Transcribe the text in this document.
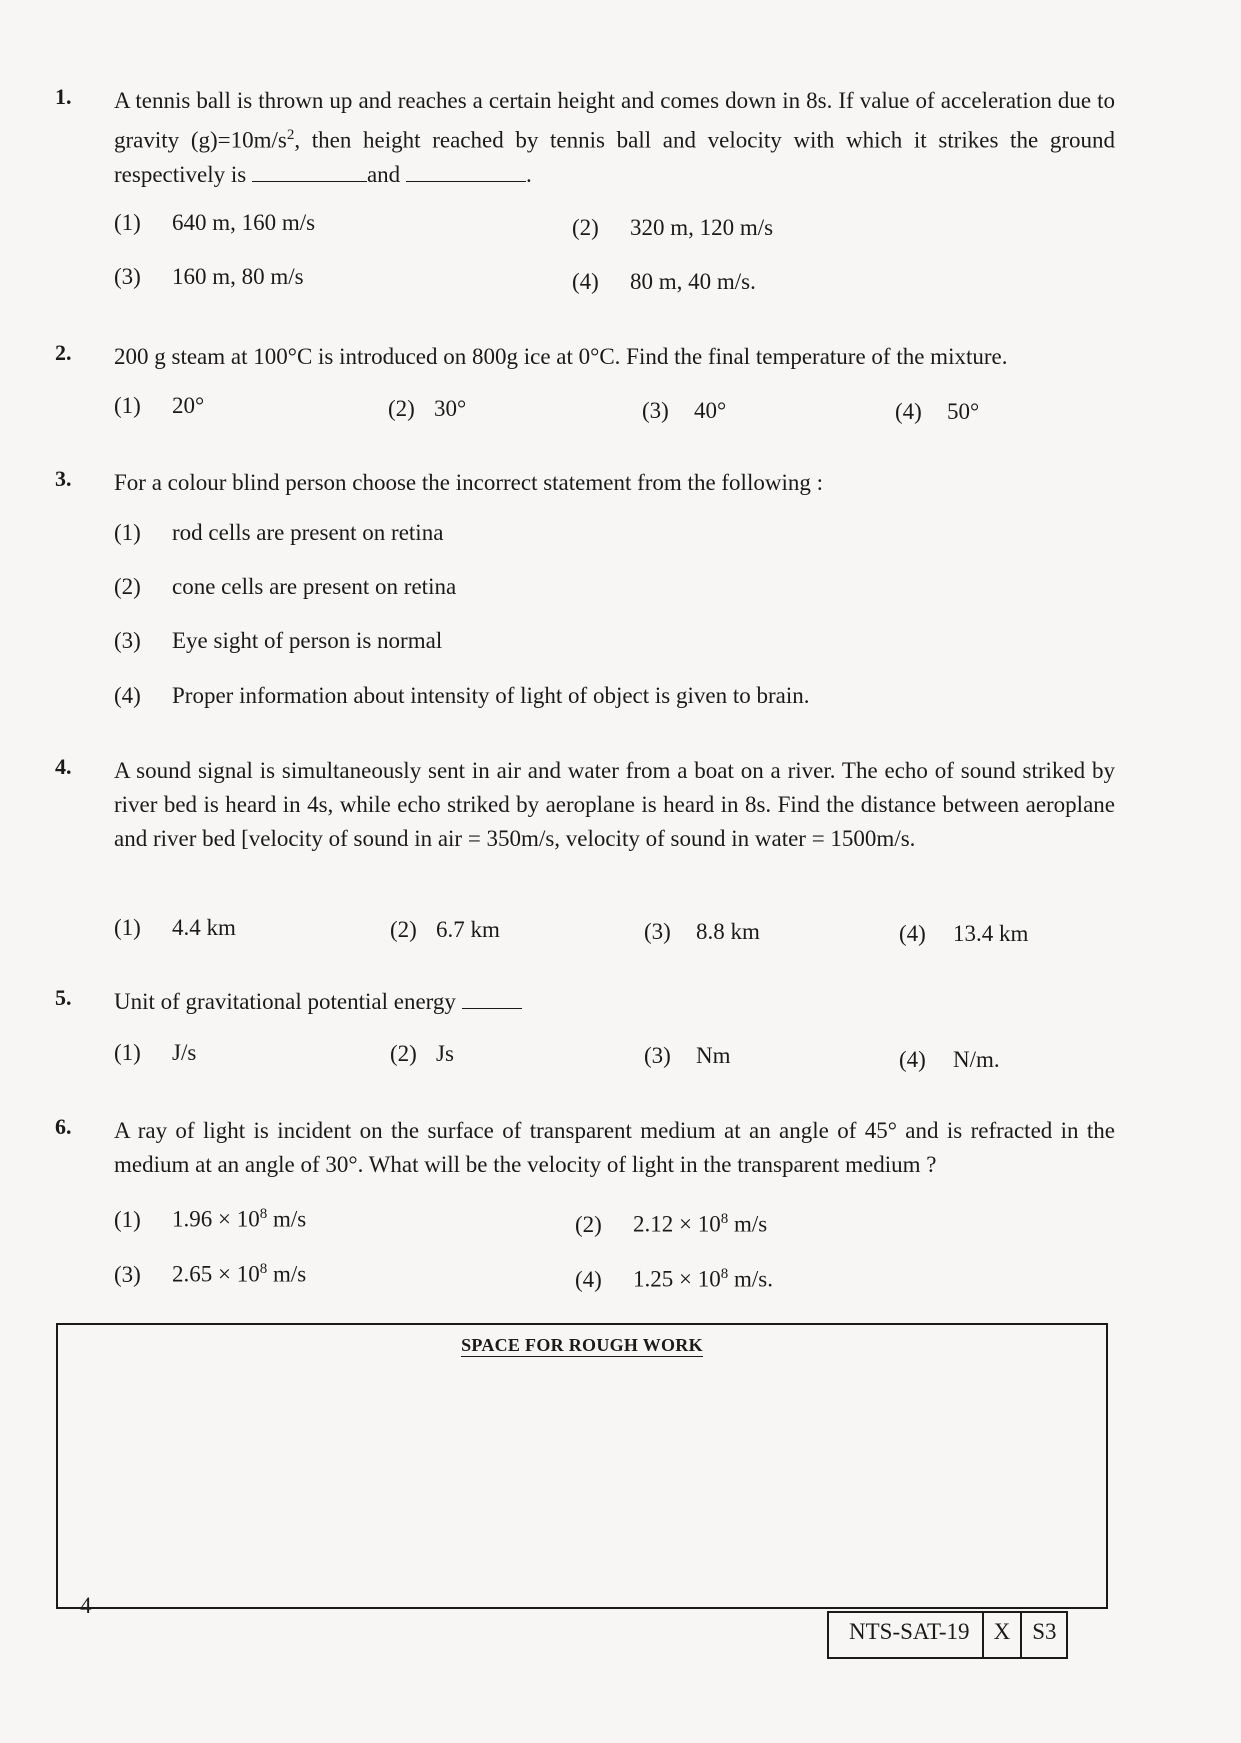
1. A tennis ball is thrown up and reaches a certain height and comes down in 8s. If value of acceleration due to gravity $(g)=10m/s^2$, then height reached by tennis ball and velocity with which it strikes the ground respectively is	and	.
(1) 640 m, 160 m/s	(2) 320 m, 120 m/s
(3) 160 m, 80 m/s	(4) 80 m, 40 m/s.
2. 200 g steam at 100°C is introduced on 800g ice at 0°C. Find the final temperature of the mixture.
(1) 20°	(2) 30°	(3) 40°	(4) 50°
3. For a colour blind person choose the incorrect statement from the following :
(1) rod cells are present on retina
(2) cone cells are present on retina
(3) Eye sight of person is normal
(4) Proper information about intensity of light of object is given to brain.
4. A sound signal is simultaneously sent in air and water from a boat on a river. The echo of sound striked by river bed is heard in 4s, while echo striked by aeroplane is heard in 8s. Find the distance between aeroplane and river bed [velocity of sound in air = 350m/s, velocity of sound in water = 1500m/s.
(1) 4.4 km	(2) 6.7 km	(3) 8.8 km	(4) 13.4 km
5. Unit of gravitational potential energy
(1) J/s	(2) Js	(3) Nm	(4) N/m.
6. A ray of light is incident on the surface of transparent medium at an angle of 45° and is refracted in the medium at an angle of 30°. What will be the velocity of light in the transparent medium ?
(1) $1.96 \times 10^8$ m/s	(2) $2.12 \times 10^8$ m/s
(3) $2.65 \times 10^8$ m/s	(4) $1.25 \times 10^8$ m/s.
SPACE FOR ROUGH WORK
4
NTS-SAT-19	X S3
